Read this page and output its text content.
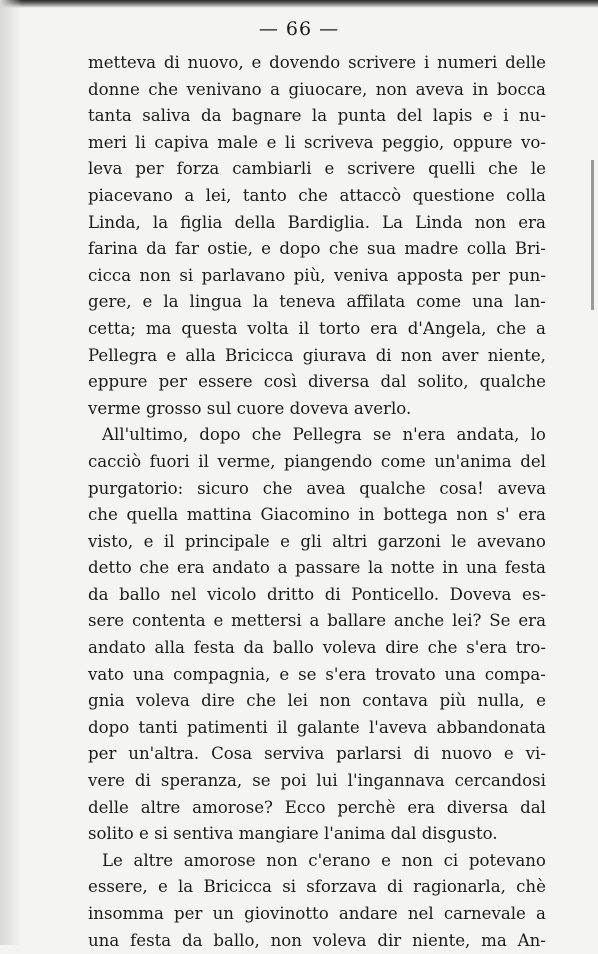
— 66 —
metteva di nuovo, e dovendo scrivere i numeri delle
donne che venivano a giuocare, non aveva in bocca
tanta saliva da bagnare la punta del lapis e i nu-
meri li capiva male e li scriveva peggio, oppure vo-
leva per forza cambiarli e scrivere quelli che le
piacevano a lei, tanto che attaccò questione colla
Linda, la figlia della Bardiglia. La Linda non era
farina da far ostie, e dopo che sua madre colla Bri-
cicca non si parlavano più, veniva apposta per pun-
gere, e la lingua la teneva affilata come una lan-
cetta; ma questa volta il torto era d'Angela, che a
Pellegra e alla Bricicca giurava di non aver niente,
eppure per essere così diversa dal solito, qualche
verme grosso sul cuore doveva averlo.
All'ultimo, dopo che Pellegra se n'era andata, lo
cacciò fuori il verme, piangendo come un'anima del
purgatorio: sicuro che avea qualche cosa! aveva
che quella mattina Giacomino in bottega non s' era
visto, e il principale e gli altri garzoni le avevano
detto che era andato a passare la notte in una festa
da ballo nel vicolo dritto di Ponticello. Doveva es-
sere contenta e mettersi a ballare anche lei? Se era
andato alla festa da ballo voleva dire che s'era tro-
vato una compagnia, e se s'era trovato una compa-
gnia voleva dire che lei non contava più nulla, e
dopo tanti patimenti il galante l'aveva abbandonata
per un'altra. Cosa serviva parlarsi di nuovo e vi-
vere di speranza, se poi lui l'ingannava cercandosi
delle altre amorose? Ecco perchè era diversa dal
solito e si sentiva mangiare l'anima dal disgusto.
Le altre amorose non c'erano e non ci potevano
essere, e la Bricicca si sforzava di ragionarla, chè
insomma per un giovinotto andare nel carnevale a
una festa da ballo, non voleva dir niente, ma An-
